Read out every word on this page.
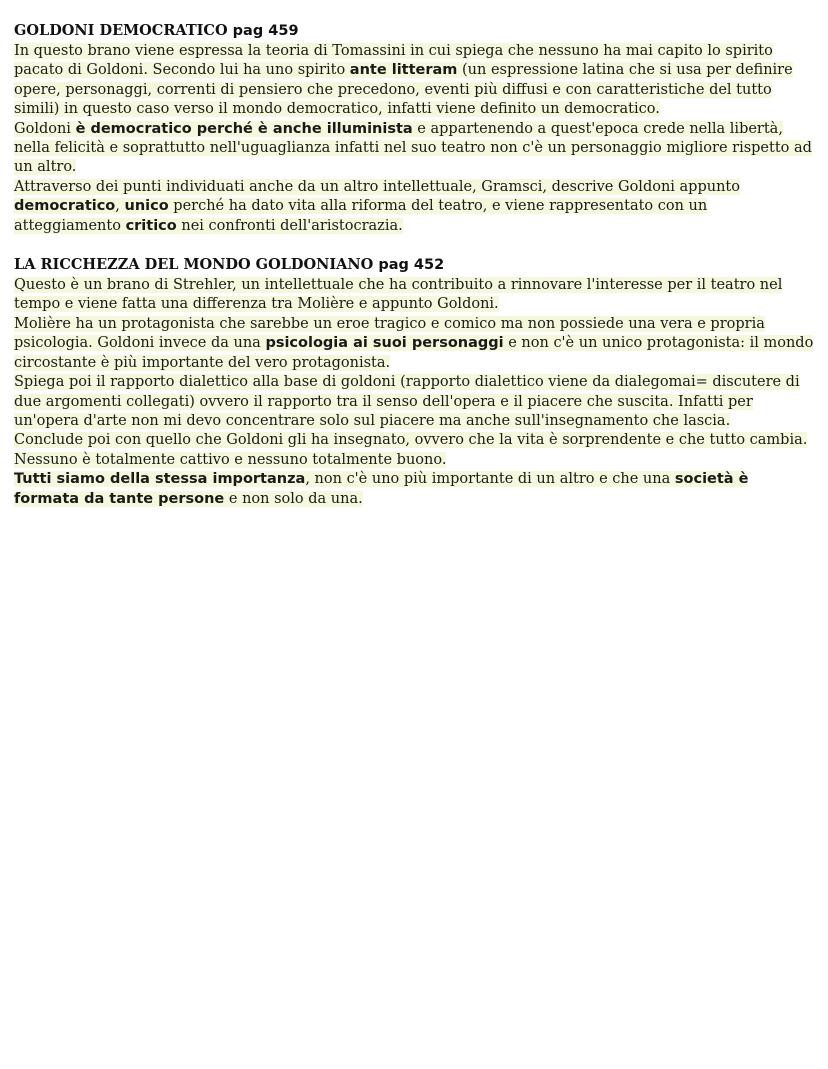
GOLDONI DEMOCRATICO pag 459

In questo brano viene espressa la teoria di Tomassini in cui spiega che nessuno ha mai capito lo spirito pacato di Goldoni. Secondo lui ha uno spirito ante litteram (un espressione latina che si usa per definire opere, personaggi, correnti di pensiero che precedono, eventi più diffusi e con caratteristiche del tutto simili) in questo caso verso il mondo democratico, infatti viene definito un democratico.

Goldoni è democratico perché è anche illuminista e appartenendo a quest'epoca crede nella libertà, nella felicità e soprattutto nell'uguaglianza infatti nel suo teatro non c'è un personaggio migliore rispetto ad un altro.

Attraverso dei punti individuati anche da un altro intellettuale, Gramsci, descrive Goldoni appunto democratico, unico perché ha dato vita alla riforma del teatro, e viene rappresentato con un atteggiamento critico nei confronti dell'aristocrazia.

LA RICCHEZZA DEL MONDO GOLDONIANO pag 452

Questo è un brano di Strehler, un intellettuale che ha contribuito a rinnovare l'interesse per il teatro nel tempo e viene fatta una differenza tra Molière e appunto Goldoni.

Molière ha un protagonista che sarebbe un eroe tragico e comico ma non possiede una vera e propria psicologia. Goldoni invece da una psicologia ai suoi personaggi e non c'è un unico protagonista: il mondo circostante è più importante del vero protagonista.

Spiega poi il rapporto dialettico alla base di goldoni (rapporto dialettico viene da dialegomai= discutere di due argomenti collegati) ovvero il rapporto tra il senso dell'opera e il piacere che suscita. Infatti per un'opera d'arte non mi devo concentrare solo sul piacere ma anche sull'insegnamento che lascia.

Conclude poi con quello che Goldoni gli ha insegnato, ovvero che la vita è sorprendente e che tutto cambia. Nessuno è totalmente cattivo e nessuno totalmente buono.

Tutti siamo della stessa importanza, non c'è uno più importante di un altro e che una società è formata da tante persone e non solo da una.
